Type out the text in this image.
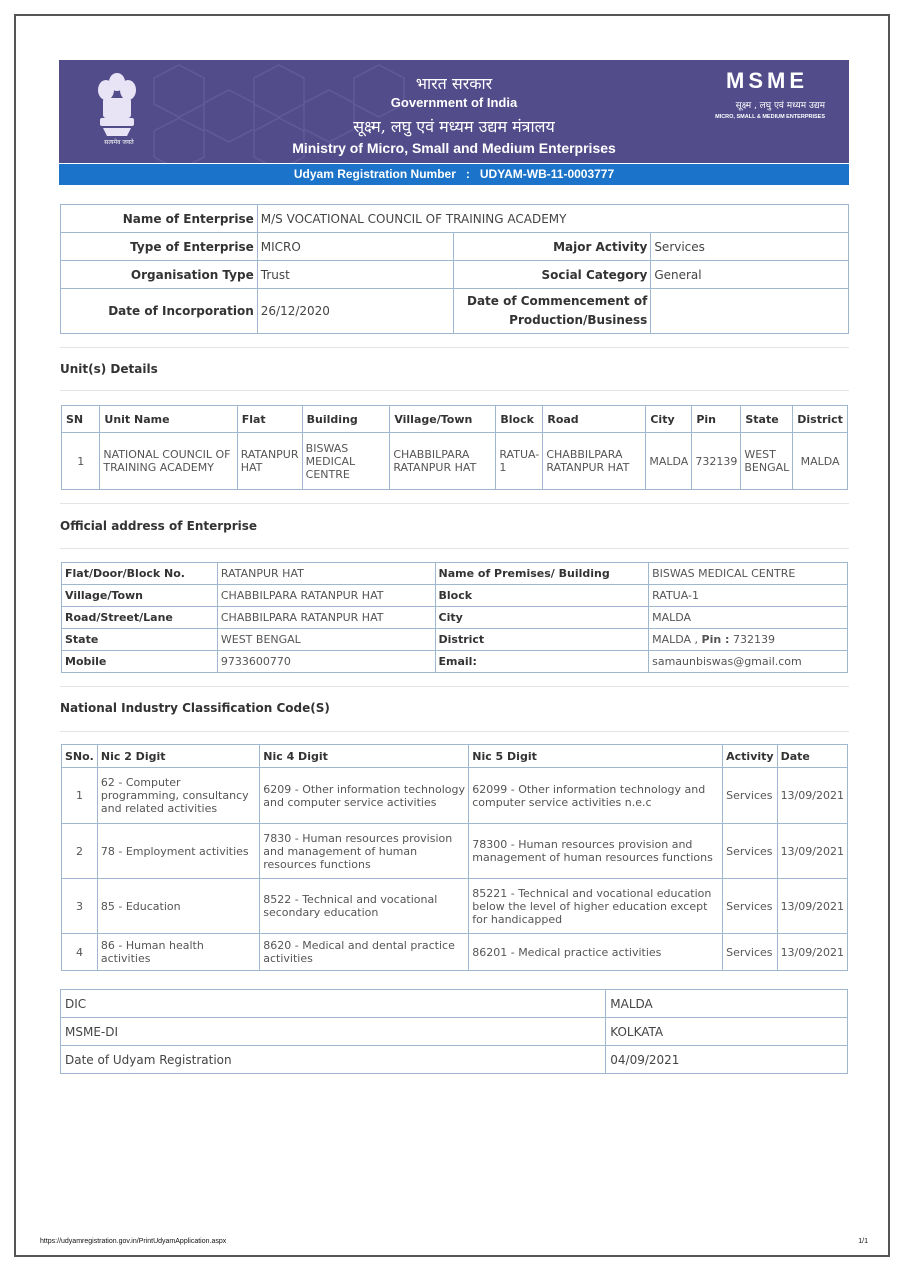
सत्यमेव जयते
भारत सरकार
Government of India
सूक्ष्म, लघु एवं मध्यम उद्यम मंत्रालय
Ministry of Micro, Small and Medium Enterprises
MSME
सूक्ष्म , लघु एवं मध्यम उद्यम
MICRO, SMALL & MEDIUM ENTERPRISES
Udyam Registration Number : UDYAM-WB-11-0003777
Name of Enterprise	M/S VOCATIONAL COUNCIL OF TRAINING ACADEMY		
Type of Enterprise	MICRO	Major Activity	Services
Organisation Type	Trust	Social Category	General
Date of Incorporation	26/12/2020	Date of Commencement of Production/Business	
Unit(s) Details
SN	Unit Name	Flat	Building	Village/Town	Block	Road	City	Pin	State	District
1	NATIONAL COUNCIL OF TRAINING ACADEMY	RATANPUR HAT	BISWAS MEDICAL CENTRE	CHABBILPARA RATANPUR HAT	RATUA-1	CHABBILPARA RATANPUR HAT	MALDA	732139	WEST BENGAL	MALDA
Official address of Enterprise
Flat/Door/Block No.	RATANPUR HAT	Name of Premises/ Building	BISWAS MEDICAL CENTRE
Village/Town	CHABBILPARA RATANPUR HAT	Block	RATUA-1
Road/Street/Lane	CHABBILPARA RATANPUR HAT	City	MALDA
State	WEST BENGAL	District	MALDA , Pin : 732139
Mobile	9733600770	Email:	samaunbiswas@gmail.com
National Industry Classification Code(S)
SNo.	Nic 2 Digit	Nic 4 Digit	Nic 5 Digit	Activity	Date
1	62 - Computer programming, consultancy and related activities	6209 - Other information technology and computer service activities	62099 - Other information technology and computer service activities n.e.c	Services	13/09/2021
2	78 - Employment activities	7830 - Human resources provision and management of human resources functions	78300 - Human resources provision and management of human resources functions	Services	13/09/2021
3	85 - Education	8522 - Technical and vocational secondary education	85221 - Technical and vocational education below the level of higher education except for handicapped	Services	13/09/2021
4	86 - Human health activities	8620 - Medical and dental practice activities	86201 - Medical practice activities	Services	13/09/2021
DIC	MALDA
MSME-DI	KOLKATA
Date of Udyam Registration	04/09/2021
https://udyamregistration.gov.in/PrintUdyamApplication.aspx	1/1
